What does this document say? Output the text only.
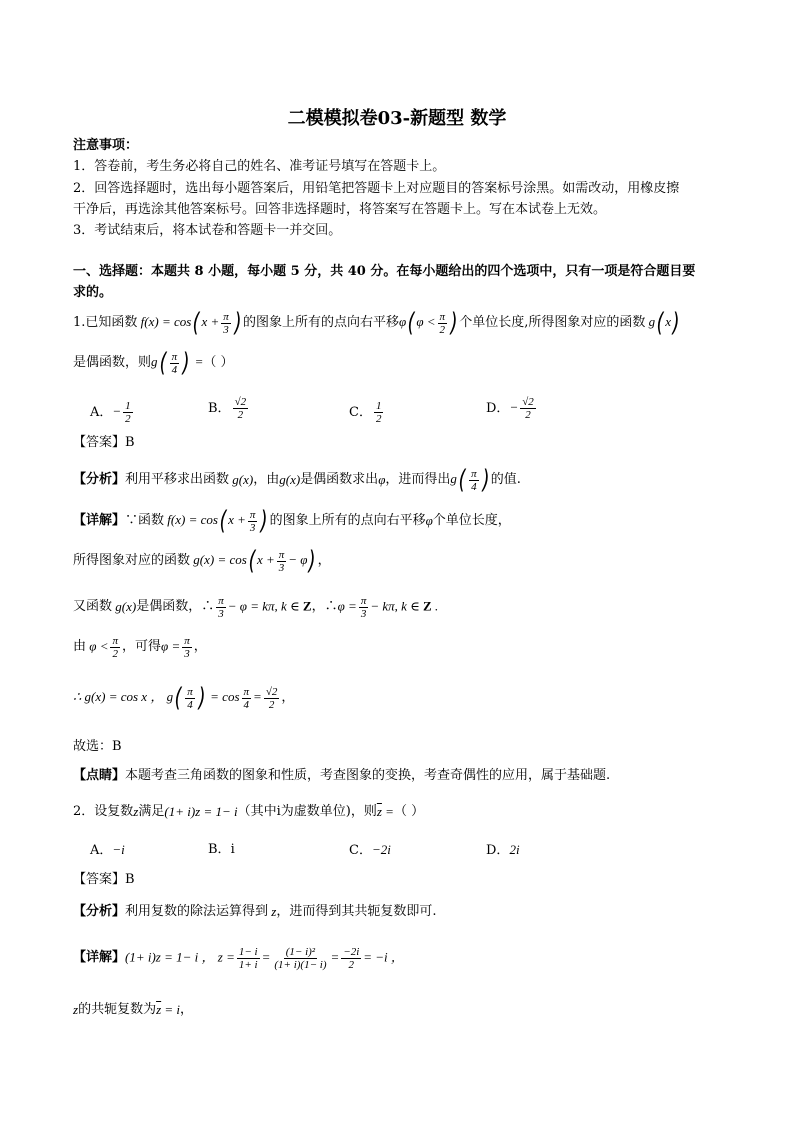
二模模拟卷03-新题型 数学
注意事项：
1．答卷前，考生务必将自己的姓名、准考证号填写在答题卡上。
2．回答选择题时，选出每小题答案后，用铅笔把答题卡上对应题目的答案标号涂黑。如需改动，用橡皮擦
干净后，再选涂其他答案标号。回答非选择题时，将答案写在答题卡上。写在本试卷上无效。
3．考试结束后，将本试卷和答题卡一并交回。
一、选择题：本题共 8 小题，每小题 5 分，共 40 分。在每小题给出的四个选项中，只有一项是符合题目要
求的。
1.已知函数 f(x) = cos( $x + \frac{\pi}{3}$ ) 的图象上所有的点向右平移 φ( $\varphi < \frac{\pi}{2}$ ) 个单位长度,所得图象对应的函数 g( x)
是偶函数，则 $g( \frac{\pi}{4}$ ) = （ ）
A． − $\frac{1}{2}$	B． $\frac{√2}{2}$	C． $\frac{1}{2}$	D． − $\frac{√2}{2}$
【答案】B
【分析】 利用平移求出函数 g(x) ，由 g(x) 是偶函数求出 φ ，进而得出 $g( \frac{\pi}{4}$ ) 的值.
【详解】 ∵函数 f(x) = cos( $x + \frac{\pi}{3}$ ) 的图象上所有的点向右平移 φ 个单位长度，
所得图象对应的函数 g(x) = cos( $x + \frac{\pi}{3} - \varphi$) ，
又函数 g(x) 是偶函数，∴ $\frac{\pi}{3} - \varphi = k\pi$, k ∈ Z ，∴ $\varphi = \frac{\pi}{3} - k\pi$, k ∈ Z .
由 $\varphi < \frac{\pi}{2}$ ，可得 $\varphi = \frac{\pi}{3}$ ，
∴ g(x) = cos x ， $g( \frac{\pi}{4}$ ) = $\cos \frac{\pi}{4} = \frac{√2}{2}$ ，
故选：B
【点睛】本题考查三角函数的图象和性质，考查图象的变换，考查奇偶性的应用，属于基础题.
2．设复数 z 满足 (1+ i)z = 1− i （其中i为虚数单位)，则 $\overline{z}$ = （ ）
A．−i	B．i	C．−2i	D．2i
【答案】B
【分析】 利用复数的除法运算得到 z ，进而得到其共轭复数即可.
【详解】 (1+ i)z = 1− i ， $z = \frac{1- i}{1+ i} = \frac{\text{(1− i)²}}{(1+ i)(1- i)} = \frac{-2i}{2} = -i$ ，
z 的共轭复数为 $\overline{z} = i$ ，
